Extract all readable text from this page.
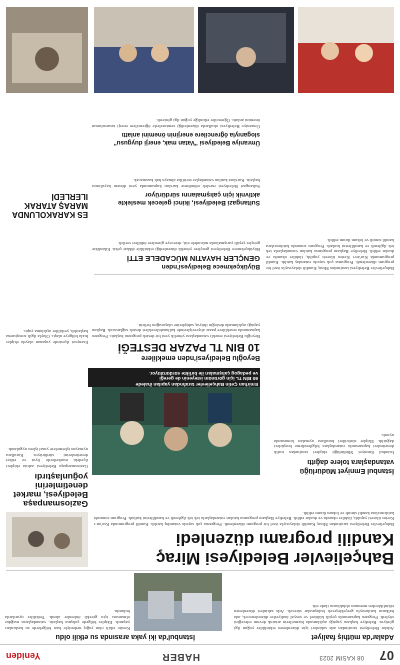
07
08 KASIM 2023
HABER
Yeniden
Adalar'da müthiş faaliyet
Adalar Belediyesi tarafından ada sakinleri için düzenlenen etkinlikler yoğun ilgi görüyor. Belediye başkanı yaptığı açıklamada hizmetlerin artarak devam edeceğini söyledi. Program kapsamında çeşitli kültürel ve sosyal faaliyetler düzenlenecek, ada halkının katılımıyla gerçekleşecek buluşmalar sürecek. Ada sakinleri düzenlenen etkinliklerden memnun olduklarını ifade etti.
İstanbul'da iki yaka arasında su etkili oldu
Kentte etkili olan yağış nedeniyle bazı bölgelerde su baskınları yaşandı. Ekipler bölgede çalışma başlattı, vatandaşların mağdur olmaması için gerekli önlemler alındı. Yetkililer uyarılarda bulundu.
Bahçelievler Belediyesi Miraç
Kandili programı düzenledi
Bahçelievler Belediyesi tarafından Miraç Kandili dolayısıyla özel bir program düzenlendi. Programa çok sayıda vatandaş katıldı. Kandil programında Kur'an-ı Kerim tilaveti yapıldı, ilahiler okundu ve dualar edildi. Belediye Başkanı programa katılan vatandaşlarla tek tek ilgilendi ve kandillerini kutladı. Program sonunda katılımcılara kandil simidi ve lokum ikram edildi.
Gaziosmanpaşa
Belediyesi, market
denetimlerini
yoğunlaştırdı
Gaziosmanpaşa Belediyesi zabıta ekipleri ilçedeki marketlerde fiyat ve etiket denetimlerini sürdürüyor. Kurallara uymayan işletmelere yasal işlem uygulandı.
İstanbul Emniyet Müdürlüğü
vatandaşlara tolere dağıttı
İstanbul Emniyet Müdürlüğü ekipleri tarafından trafik denetimleri kapsamında vatandaşlara bilgilendirme broşürleri dağıtıldı. Ekipler sürücüleri kurallara uymaları konusunda uyardı.
Emirhan Çetin Bahçelievler tarafından yapılan ihalede
60 BİN TL için görünüm isteyenin de gereği
ve pedagog çalışmaları ile birlikte sürdürülüyor.
Beyoğlu Belediyesi'nden emeklilere
10 BIN TL PAZAR DESTEĞİ
Beyoğlu Belediyesi emekli vatandaşlara yönelik yeni bir destek programı başlattı. Program kapsamında emeklilere pazar alışverişlerinde kullanabilecekleri destek sağlanacak. Başkan yaptığı açıklamada desteğin ihtiyaç sahiplerine ulaşacağını belirtti.
Büyükçekmece Belediyesi'nden
GENÇLER HAYATIN MÜCADELE ETTİ
Büyükçekmece Belediyesi gençlere yönelik düzenlediği etkinlikle dikkat çekti. Etkinlikte gençler çeşitli yarışmalarda mücadele etti, dereceye girenlere ödülleri verildi.
Bahçelievler Belediyesi tarafından Miraç Kandili dolayısıyla özel bir program düzenlendi. Programa çok sayıda vatandaş katıldı. Kandil programında Kur'an-ı Kerim tilaveti yapıldı, ilahiler okundu ve dualar edildi. Belediye Başkanı programa katılan vatandaşlarla tek tek ilgilendi ve kandillerini kutladı. Program sonunda katılımcılara kandil simidi ve lokum ikram edildi.
Esenyurt ilçesinde yaşanan olayda ekipler hızla bölgeye ulaştı. Olayla ilgili soruşturma başlatıldı, yetkililer açıklama yaptı.
Sultangazi Belediyesi, ikinci gelecek meslekte
aktivnik için çalışmalarını sürdürüyor
Sultangazi Belediyesi meslek edindirme kursları kapsamında yeni dönem kayıtlarını başlattı. Kurslara katılan vatandaşlar sertifika almaya hak kazanacak.
ES KARAKOLUNDA
MARAŞ ATARAK
ILERLEDİ
Ümraniye Belediyesi "Vatan mak, enerji duygusu"
sloganıyla öğrencilere enerjinin önemini anlattı
Ümraniye Belediyesi okullarda düzenlediği seminerlerle öğrencilere enerji tasarrufunun önemini anlattı. Öğrenciler etkinliğe yoğun ilgi gösterdi.
